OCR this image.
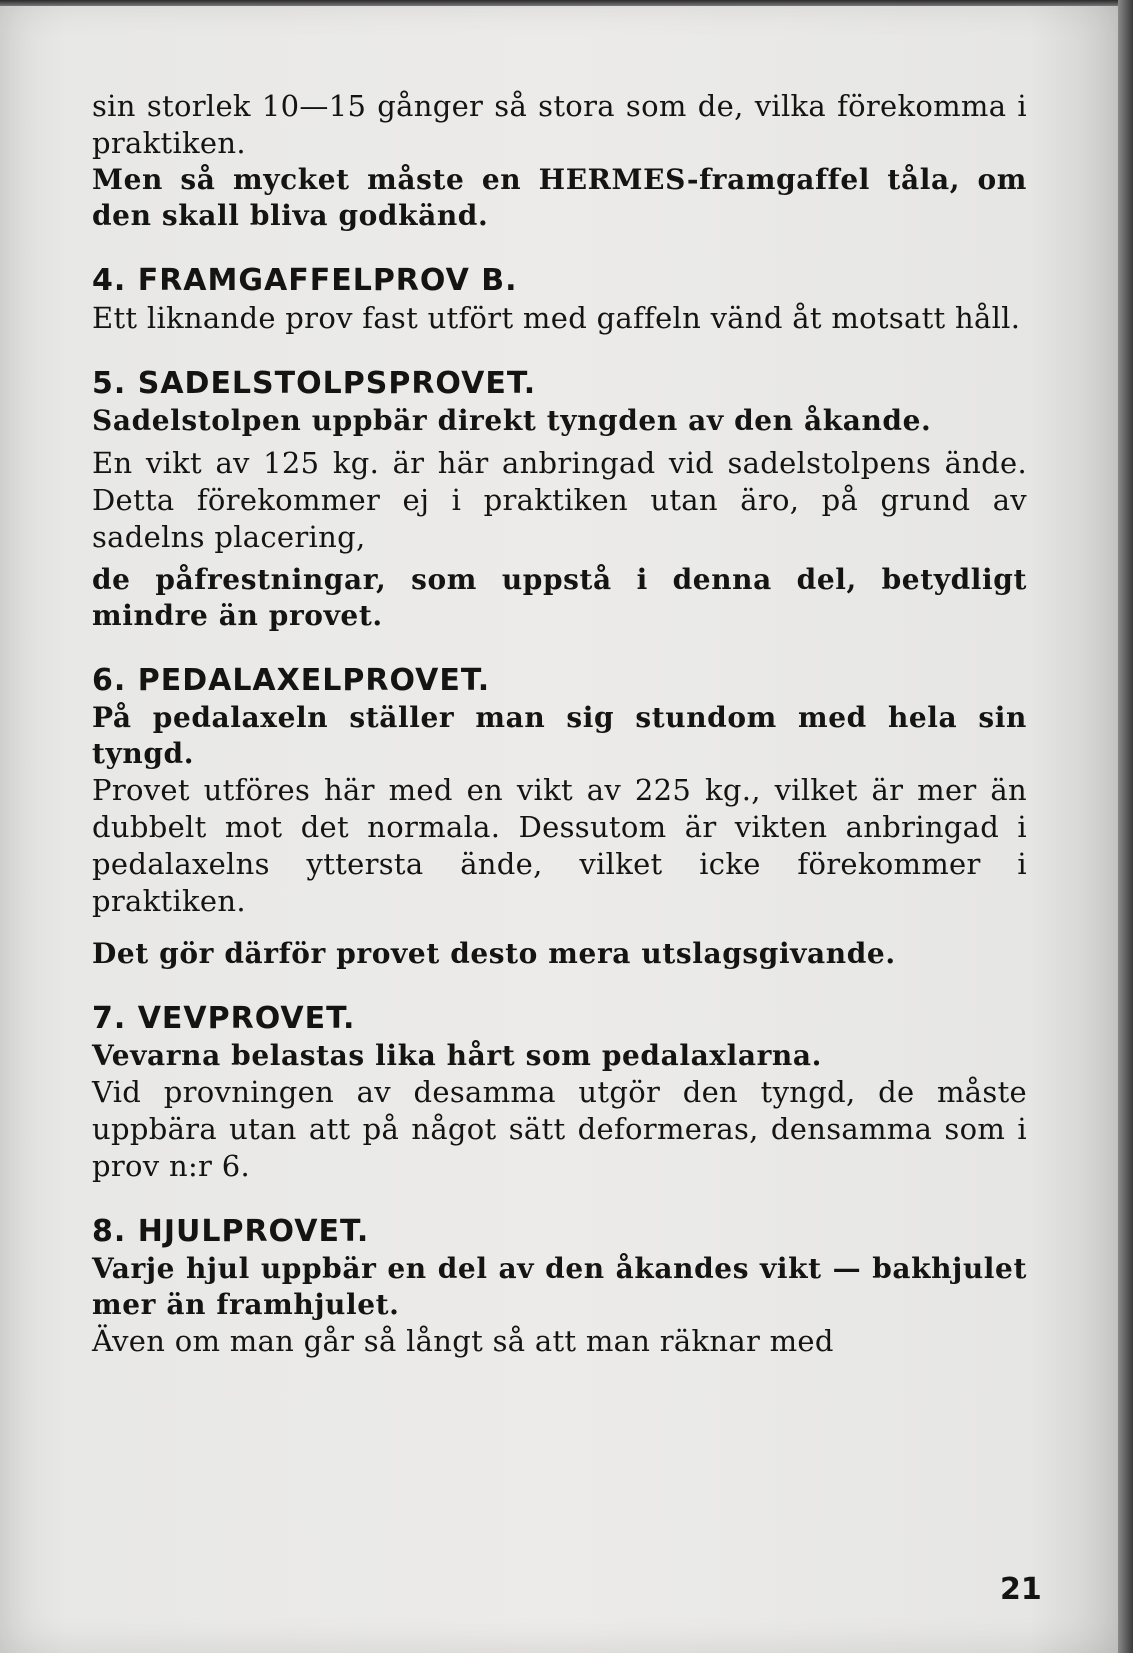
sin storlek 10—15 gånger så stora som de, vilka förekomma i praktiken.

Men så mycket måste en HERMES-framgaffel tåla, om den skall bliva godkänd.

4. FRAMGAFFELPROV B.

Ett liknande prov fast utfört med gaffeln vänd åt motsatt håll.

5. SADELSTOLPSPROVET.

Sadelstolpen uppbär direkt tyngden av den åkande.

En vikt av 125 kg. är här anbringad vid sadelstolpens ände. Detta förekommer ej i praktiken utan äro, på grund av sadelns placering,

de påfrestningar, som uppstå i denna del, betydligt mindre än provet.

6. PEDALAXELPROVET.

På pedalaxeln ställer man sig stundom med hela sin tyngd.

Provet utföres här med en vikt av 225 kg., vilket är mer än dubbelt mot det normala. Dessutom är vikten anbringad i pedalaxelns yttersta ände, vilket icke förekommer i praktiken.

Det gör därför provet desto mera utslagsgivande.

7. VEVPROVET.

Vevarna belastas lika hårt som pedalaxlarna.

Vid provningen av desamma utgör den tyngd, de måste uppbära utan att på något sätt deformeras, densamma som i prov n:r 6.

8. HJULPROVET.

Varje hjul uppbär en del av den åkandes vikt — bakhjulet mer än framhjulet.

Även om man går så långt så att man räknar med

21
